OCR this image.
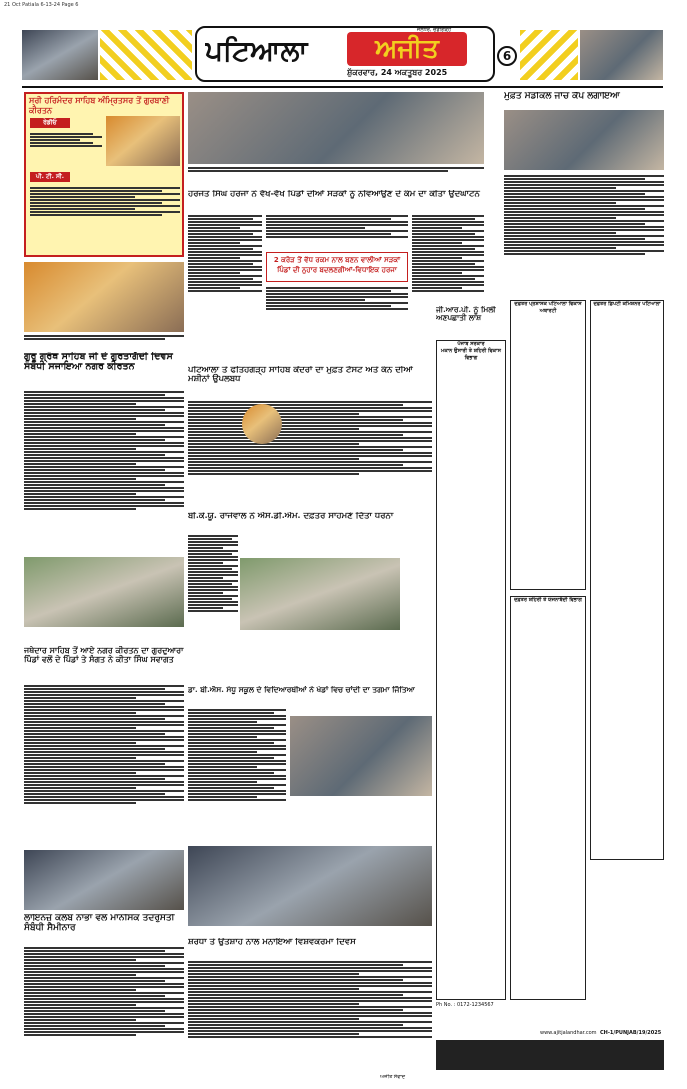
21 Oct Patiala 6-13-24 Page 6
ਪਟਿਆਲਾ	ਅਜੀਤ
ਜਲੰਧਰ, ਚੰਡੀਗੜ੍ਹ
ਸ਼ੁੱਕਰਵਾਰ, 24 ਅਕਤੂਬਰ 2025
6
ਸ੍ਰੀ ਹਰਿਮੰਦਰ ਸਾਹਿਬ ਅੰਮ੍ਰਿਤਸਰ ਤੋਂ ਗੁਰਬਾਣੀ ਕੀਰਤਨ
ਰੇਡੀਓ
ਪੀ. ਟੀ. ਸੀ.
ਗੁਰੂ ਗ੍ਰੰਥ ਸਾਹਿਬ ਜੀ ਦੇ ਗੁਰਤਾਗੱਦੀ ਦਿਵਸ ਸੰਬੰਧੀ ਸਜਾਇਆ ਨਗਰ ਕੀਰਤਨ
ਜਥੇਦਾਰ ਸਾਹਿਬ ਤੋਂ ਆਏ ਨਗਰ ਕੀਰਤਨ ਦਾ ਗੁਰਦੁਆਰਾ ਪਿੰਡਾਂ ਵਲੋਂ ਦੇ ਪਿੰਡਾਂ ਤੇ ਸੰਗਤ ਨੇ ਕੀਤਾ ਸਿੰਘ ਸਵਾਗਤ
ਲਾਇਨਜ਼ ਕਲੱਬ ਨਾਭਾ ਵਲੋਂ ਮਾਨਸਿਕ ਤੰਦਰੁਸਤੀ ਸੰਬੰਧੀ ਸੈਮੀਨਾਰ
ਹਰਜੋਤ ਸਿੰਘ ਹਰਜਾ ਨੇ ਵੱਖ-ਵੱਖ ਪਿੰਡਾਂ ਦੀਆਂ ਸੜਕਾਂ ਨੂੰ ਨਵਿਆਉਣ ਦੇ ਕੰਮ ਦਾ ਕੀਤਾ ਉਦਘਾਟਨ
2 ਕਰੋੜ ਤੋਂ ਵੱਧ ਰਕਮ ਨਾਲ ਬਣਨ ਵਾਲੀਆਂ ਸੜਕਾਂ ਪਿੰਡਾਂ ਦੀ ਨੁਹਾਰ ਬਦਲਣਗੀਆਂ-ਵਿਧਾਇਕ ਹਰਜਾ
ਪਟਿਆਲਾ ਤੇ ਫਤਿਹਗੜ੍ਹ ਸਾਹਿਬ ਕੇਂਦਰਾਂ ਦਾ ਮੁਫ਼ਤ ਟੈਸਟ ਅਤੇ ਕੰਨ ਦੀਆਂ ਮਸ਼ੀਨਾਂ ਉਪਲਬਧ
ਬੀ.ਕੇ.ਯੂ. ਰਾਜੇਵਾਲ ਨੇ ਐਸ.ਡੀ.ਐਮ. ਦਫ਼ਤਰ ਸਾਹਮਣੇ ਦਿੱਤਾ ਧਰਨਾ
ਡਾ. ਬੀ.ਐਸ. ਸੰਧੂ ਸਕੂਲ ਦੇ ਵਿਦਿਆਰਥੀਆਂ ਨੇ ਖੇਡਾਂ ਵਿਚ ਚਾਂਦੀ ਦਾ ਤਗਮਾ ਜਿੱਤਿਆ
ਸ਼ਰਧਾ ਤੇ ਉਤਸ਼ਾਹ ਨਾਲ ਮਨਾਇਆ ਵਿਸ਼ਵਕਰਮਾ ਦਿਵਸ
ਅਜੀਤ ਸੰਵਾਦ
ਜੀ.ਆਰ.ਪੀ. ਨੂੰ ਮਿਲੀ ਅਣਪਛਾਤੀ ਲਾਸ਼
ਮੁਫ਼ਤ ਮੈਡੀਕਲ ਜਾਂਚ ਕੈਂਪ ਲਗਾਇਆ
ਪੰਜਾਬ ਸਰਕਾਰ
ਮਕਾਨ ਉਸਾਰੀ ਤੇ ਸ਼ਹਿਰੀ ਵਿਕਾਸ ਵਿਭਾਗ
ਦਫ਼ਤਰ ਪ੍ਰਸ਼ਾਸਕ ਪਟਿਆਲਾ ਵਿਕਾਸ ਅਥਾਰਟੀ
ਦਫ਼ਤਰ ਡਿਪਟੀ ਕਮਿਸ਼ਨਰ ਪਟਿਆਲਾ
ਦਫ਼ਤਰ ਸ਼ਹਿਰੀ ਤੇ ਯੋਜਨਾਬੰਦੀ ਵਿਭਾਗ
Ph No. : 0172-1234567
CH-1/PUNJAB/19/2025
www.ajitjalandhar.com
